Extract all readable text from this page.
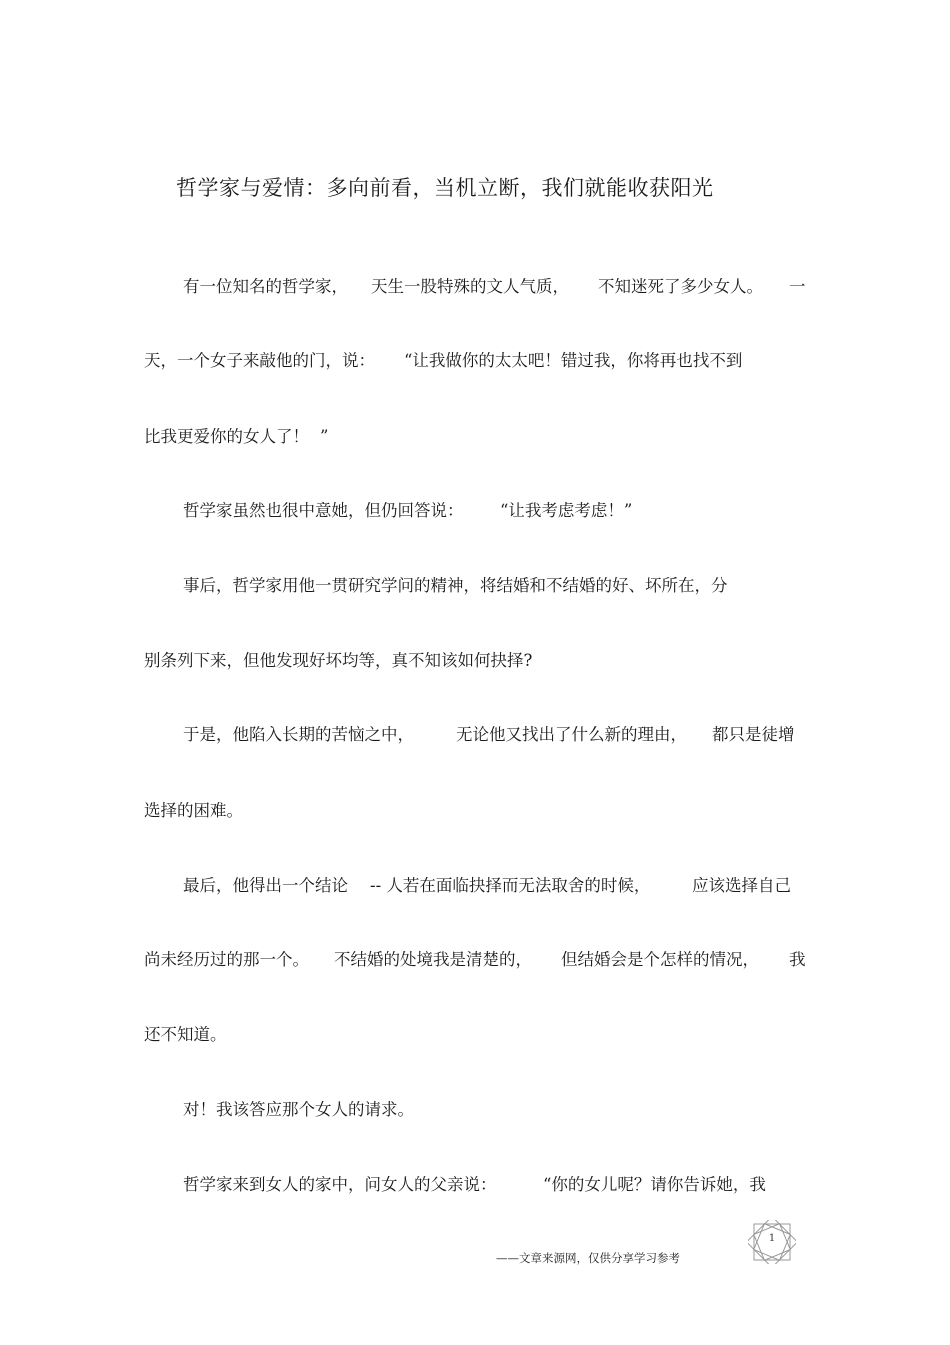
哲学家与爱情：多向前看，当机立断，我们就能收获阳光
有一位知名的哲学家， 天生一股特殊的文人气质， 不知迷死了多少女人。 一
天，一个女子来敲他的门，说： “让我做你的太太吧！错过我，你将再也找不到
比我更爱你的女人了！ ”
哲学家虽然也很中意她，但仍回答说： “让我考虑考虑！”
事后，哲学家用他一贯研究学问的精神，将结婚和不结婚的好、坏所在，分
别条列下来，但他发现好坏均等，真不知该如何抉择?
于是，他陷入长期的苦恼之中，	无论他又找出了什么新的理由， 都只是徒增
选择的困难。
最后，他得出一个结论 -- 人若在面临抉择而无法取舍的时候，	应该选择自己
尚未经历过的那一个。 不结婚的处境我是清楚的， 但结婚会是个怎样的情况， 我
还不知道。
对！我该答应那个女人的请求。
哲学家来到女人的家中，问女人的父亲说：	“你的女儿呢？请你告诉她，我
——文章来源网，仅供分享学习参考
1
